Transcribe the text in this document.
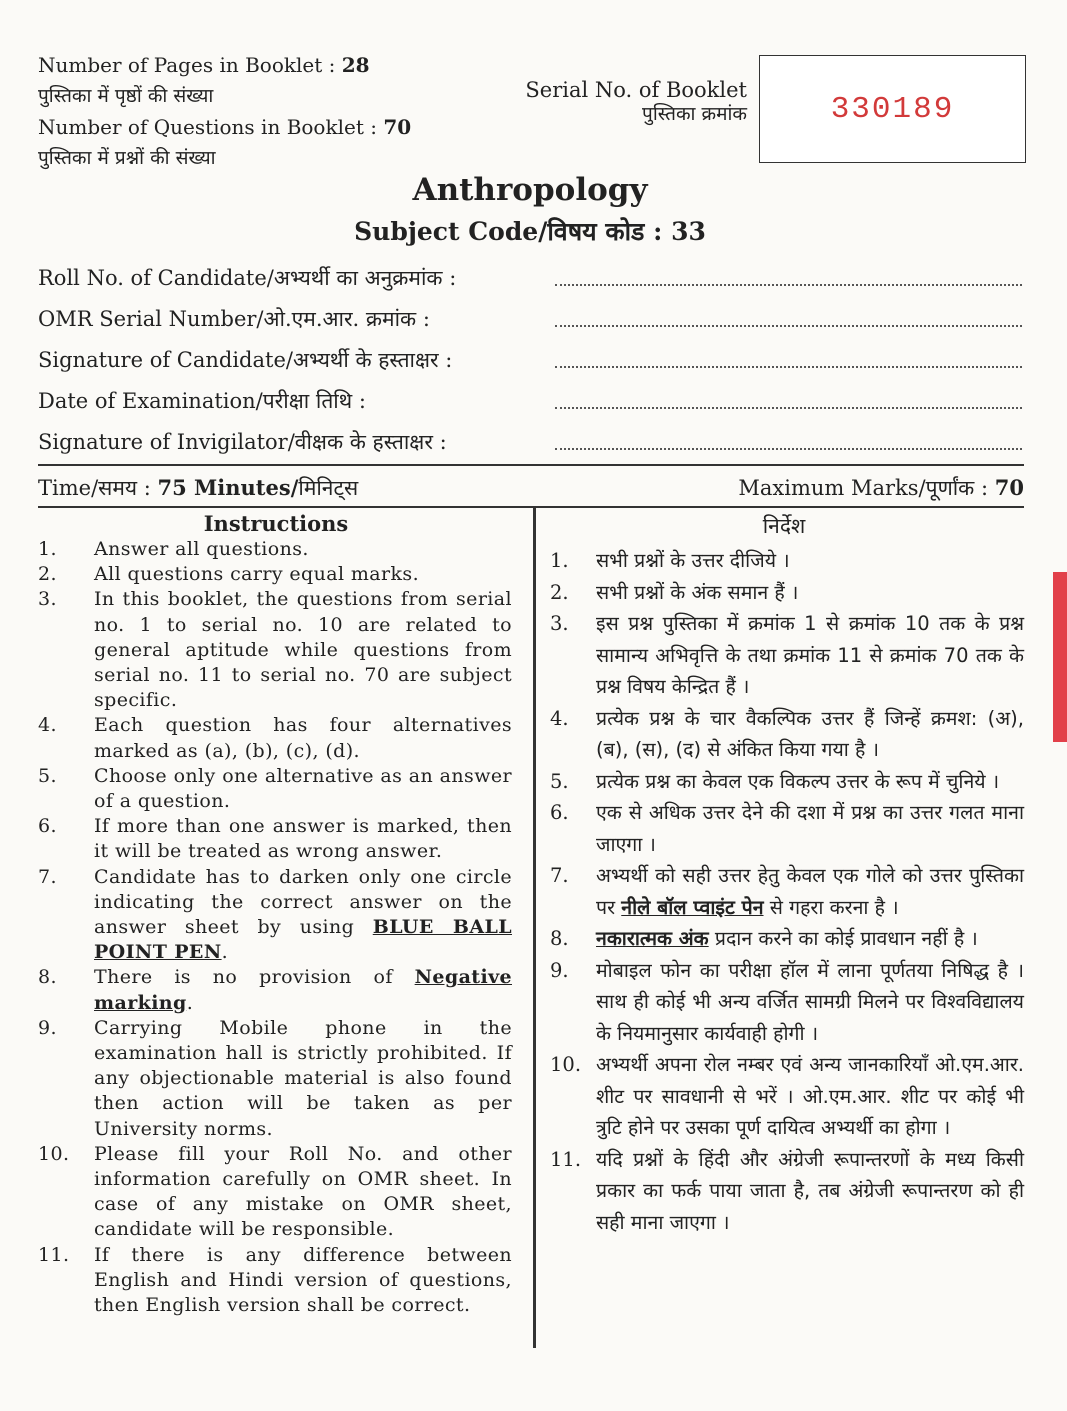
Number of Pages in Booklet : 28
पुस्तिका में पृष्ठों की संख्या
Number of Questions in Booklet : 70
पुस्तिका में प्रश्नों की संख्या
Serial No. of Booklet
पुस्तिका क्रमांक	330189
Anthropology
Subject Code/विषय कोड : 33
Roll No. of Candidate/अभ्यर्थी का अनुक्रमांक :
OMR Serial Number/ओ.एम.आर. क्रमांक :
Signature of Candidate/अभ्यर्थी के हस्ताक्षर :
Date of Examination/परीक्षा तिथि :
Signature of Invigilator/वीक्षक के हस्ताक्षर :
Time/समय : 75 Minutes/मिनिट्स	Maximum Marks/पूर्णांक : 70
Instructions
1. Answer all questions.
2. All questions carry equal marks.
3. In this booklet, the questions from serial no. 1 to serial no. 10 are related to general aptitude while questions from serial no. 11 to serial no. 70 are subject specific.
4. Each question has four alternatives marked as (a), (b), (c), (d).
5. Choose only one alternative as an answer of a question.
6. If more than one answer is marked, then it will be treated as wrong answer.
7. Candidate has to darken only one circle indicating the correct answer on the answer sheet by using BLUE BALL POINT PEN.
8. There is no provision of Negative marking.
9. Carrying Mobile phone in the examination hall is strictly prohibited. If any objectionable material is also found then action will be taken as per University norms.
10. Please fill your Roll No. and other information carefully on OMR sheet. In case of any mistake on OMR sheet, candidate will be responsible.
11. If there is any difference between English and Hindi version of questions, then English version shall be correct.
निर्देश
1. सभी प्रश्नों के उत्तर दीजिये ।
2. सभी प्रश्नों के अंक समान हैं ।
3. इस प्रश्न पुस्तिका में क्रमांक 1 से क्रमांक 10 तक के प्रश्न सामान्य अभिवृत्ति के तथा क्रमांक 11 से क्रमांक 70 तक के प्रश्न विषय केन्द्रित हैं ।
4. प्रत्येक प्रश्न के चार वैकल्पिक उत्तर हैं जिन्हें क्रमश: (अ), (ब), (स), (द) से अंकित किया गया है ।
5. प्रत्येक प्रश्न का केवल एक विकल्प उत्तर के रूप में चुनिये ।
6. एक से अधिक उत्तर देने की दशा में प्रश्न का उत्तर गलत माना जाएगा ।
7. अभ्यर्थी को सही उत्तर हेतु केवल एक गोले को उत्तर पुस्तिका पर नीले बॉल प्वाइंट पेन से गहरा करना है ।
8. नकारात्मक अंक प्रदान करने का कोई प्रावधान नहीं है ।
9. मोबाइल फोन का परीक्षा हॉल में लाना पूर्णतया निषिद्ध है । साथ ही कोई भी अन्य वर्जित सामग्री मिलने पर विश्वविद्यालय के नियमानुसार कार्यवाही होगी ।
10. अभ्यर्थी अपना रोल नम्बर एवं अन्य जानकारियाँ ओ.एम.आर. शीट पर सावधानी से भरें । ओ.एम.आर. शीट पर कोई भी त्रुटि होने पर उसका पूर्ण दायित्व अभ्यर्थी का होगा ।
11. यदि प्रश्नों के हिंदी और अंग्रेजी रूपान्तरणों के मध्य किसी प्रकार का फर्क पाया जाता है, तब अंग्रेजी रूपान्तरण को ही सही माना जाएगा ।
